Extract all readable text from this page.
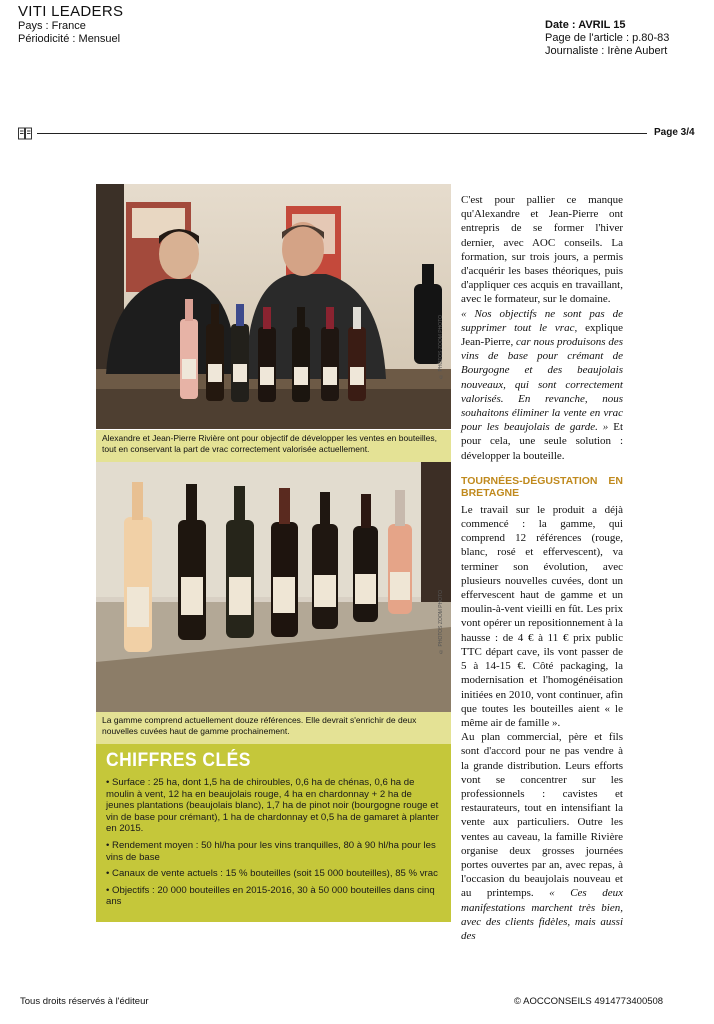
VITI LEADERS
Pays : France
Périodicité : Mensuel
Date : AVRIL 15
Page de l'article : p.80-83
Journaliste : Irène Aubert
Page 3/4
© PHOTOS ZOOM PHOTO
Alexandre et Jean-Pierre Rivière ont pour objectif de développer les ventes en bouteilles, tout en conservant la part de vrac correctement valorisée actuellement.
© PHOTOS ZOOM PHOTO
La gamme comprend actuellement douze références. Elle devrait s'enrichir de deux nouvelles cuvées haut de gamme prochainement.
CHIFFRES CLÉS
• Surface : 25 ha, dont 1,5 ha de chiroubles, 0,6 ha de chénas, 0,6 ha de moulin à vent, 12 ha en beaujolais rouge, 4 ha en chardonnay + 2 ha de jeunes plantations (beaujolais blanc), 1,7 ha de pinot noir (bourgogne rouge et vin de base pour crémant), 1 ha de chardonnay et 0,5 ha de gamaret à planter en 2015.
• Rendement moyen : 50 hl/ha pour les vins tranquilles, 80 à 90 hl/ha pour les vins de base
• Canaux de vente actuels : 15 % bouteilles (soit 15 000 bouteilles), 85 % vrac
• Objectifs : 20 000 bouteilles en 2015-2016, 30 à 50 000 bouteilles dans cinq ans

C'est pour pallier ce manque qu'Alexandre et Jean-Pierre ont entrepris de se former l'hiver dernier, avec AOC conseils. La formation, sur trois jours, a permis d'acquérir les bases théoriques, puis d'appliquer ces acquis en travaillant, avec le formateur, sur le domaine.

« Nos objectifs ne sont pas de supprimer tout le vrac, explique Jean-Pierre, car nous produisons des vins de base pour crémant de Bourgogne et des beaujolais nouveaux, qui sont correctement valorisés. En revanche, nous souhaitons éliminer la vente en vrac pour les beaujolais de garde. » Et pour cela, une seule solution : développer la bouteille.

TOURNÉES-DÉGUSTATION EN BRETAGNE

Le travail sur le produit a déjà commencé : la gamme, qui comprend 12 références (rouge, blanc, rosé et effervescent), va terminer son évolution, avec plusieurs nouvelles cuvées, dont un effervescent haut de gamme et un moulin-à-vent vieilli en fût. Les prix vont opérer un repositionnement à la hausse : de 4 € à 11 € prix public TTC départ cave, ils vont passer de 5 à 14-15 €. Côté packaging, la modernisation et l'homogénéisation initiées en 2010, vont continuer, afin que toutes les bouteilles aient « le même air de famille ».

Au plan commercial, père et fils sont d'accord pour ne pas vendre à la grande distribution. Leurs efforts vont se concentrer sur les professionnels : cavistes et restaurateurs, tout en intensifiant la vente aux particuliers. Outre les ventes au caveau, la famille Rivière organise deux grosses journées portes ouvertes par an, avec repas, à l'occasion du beaujolais nouveau et au printemps. « Ces deux manifestations marchent très bien, avec des clients fidèles, mais aussi des

Tous droits réservés à l'éditeur	© AOCCONSEILS 4914773400508
